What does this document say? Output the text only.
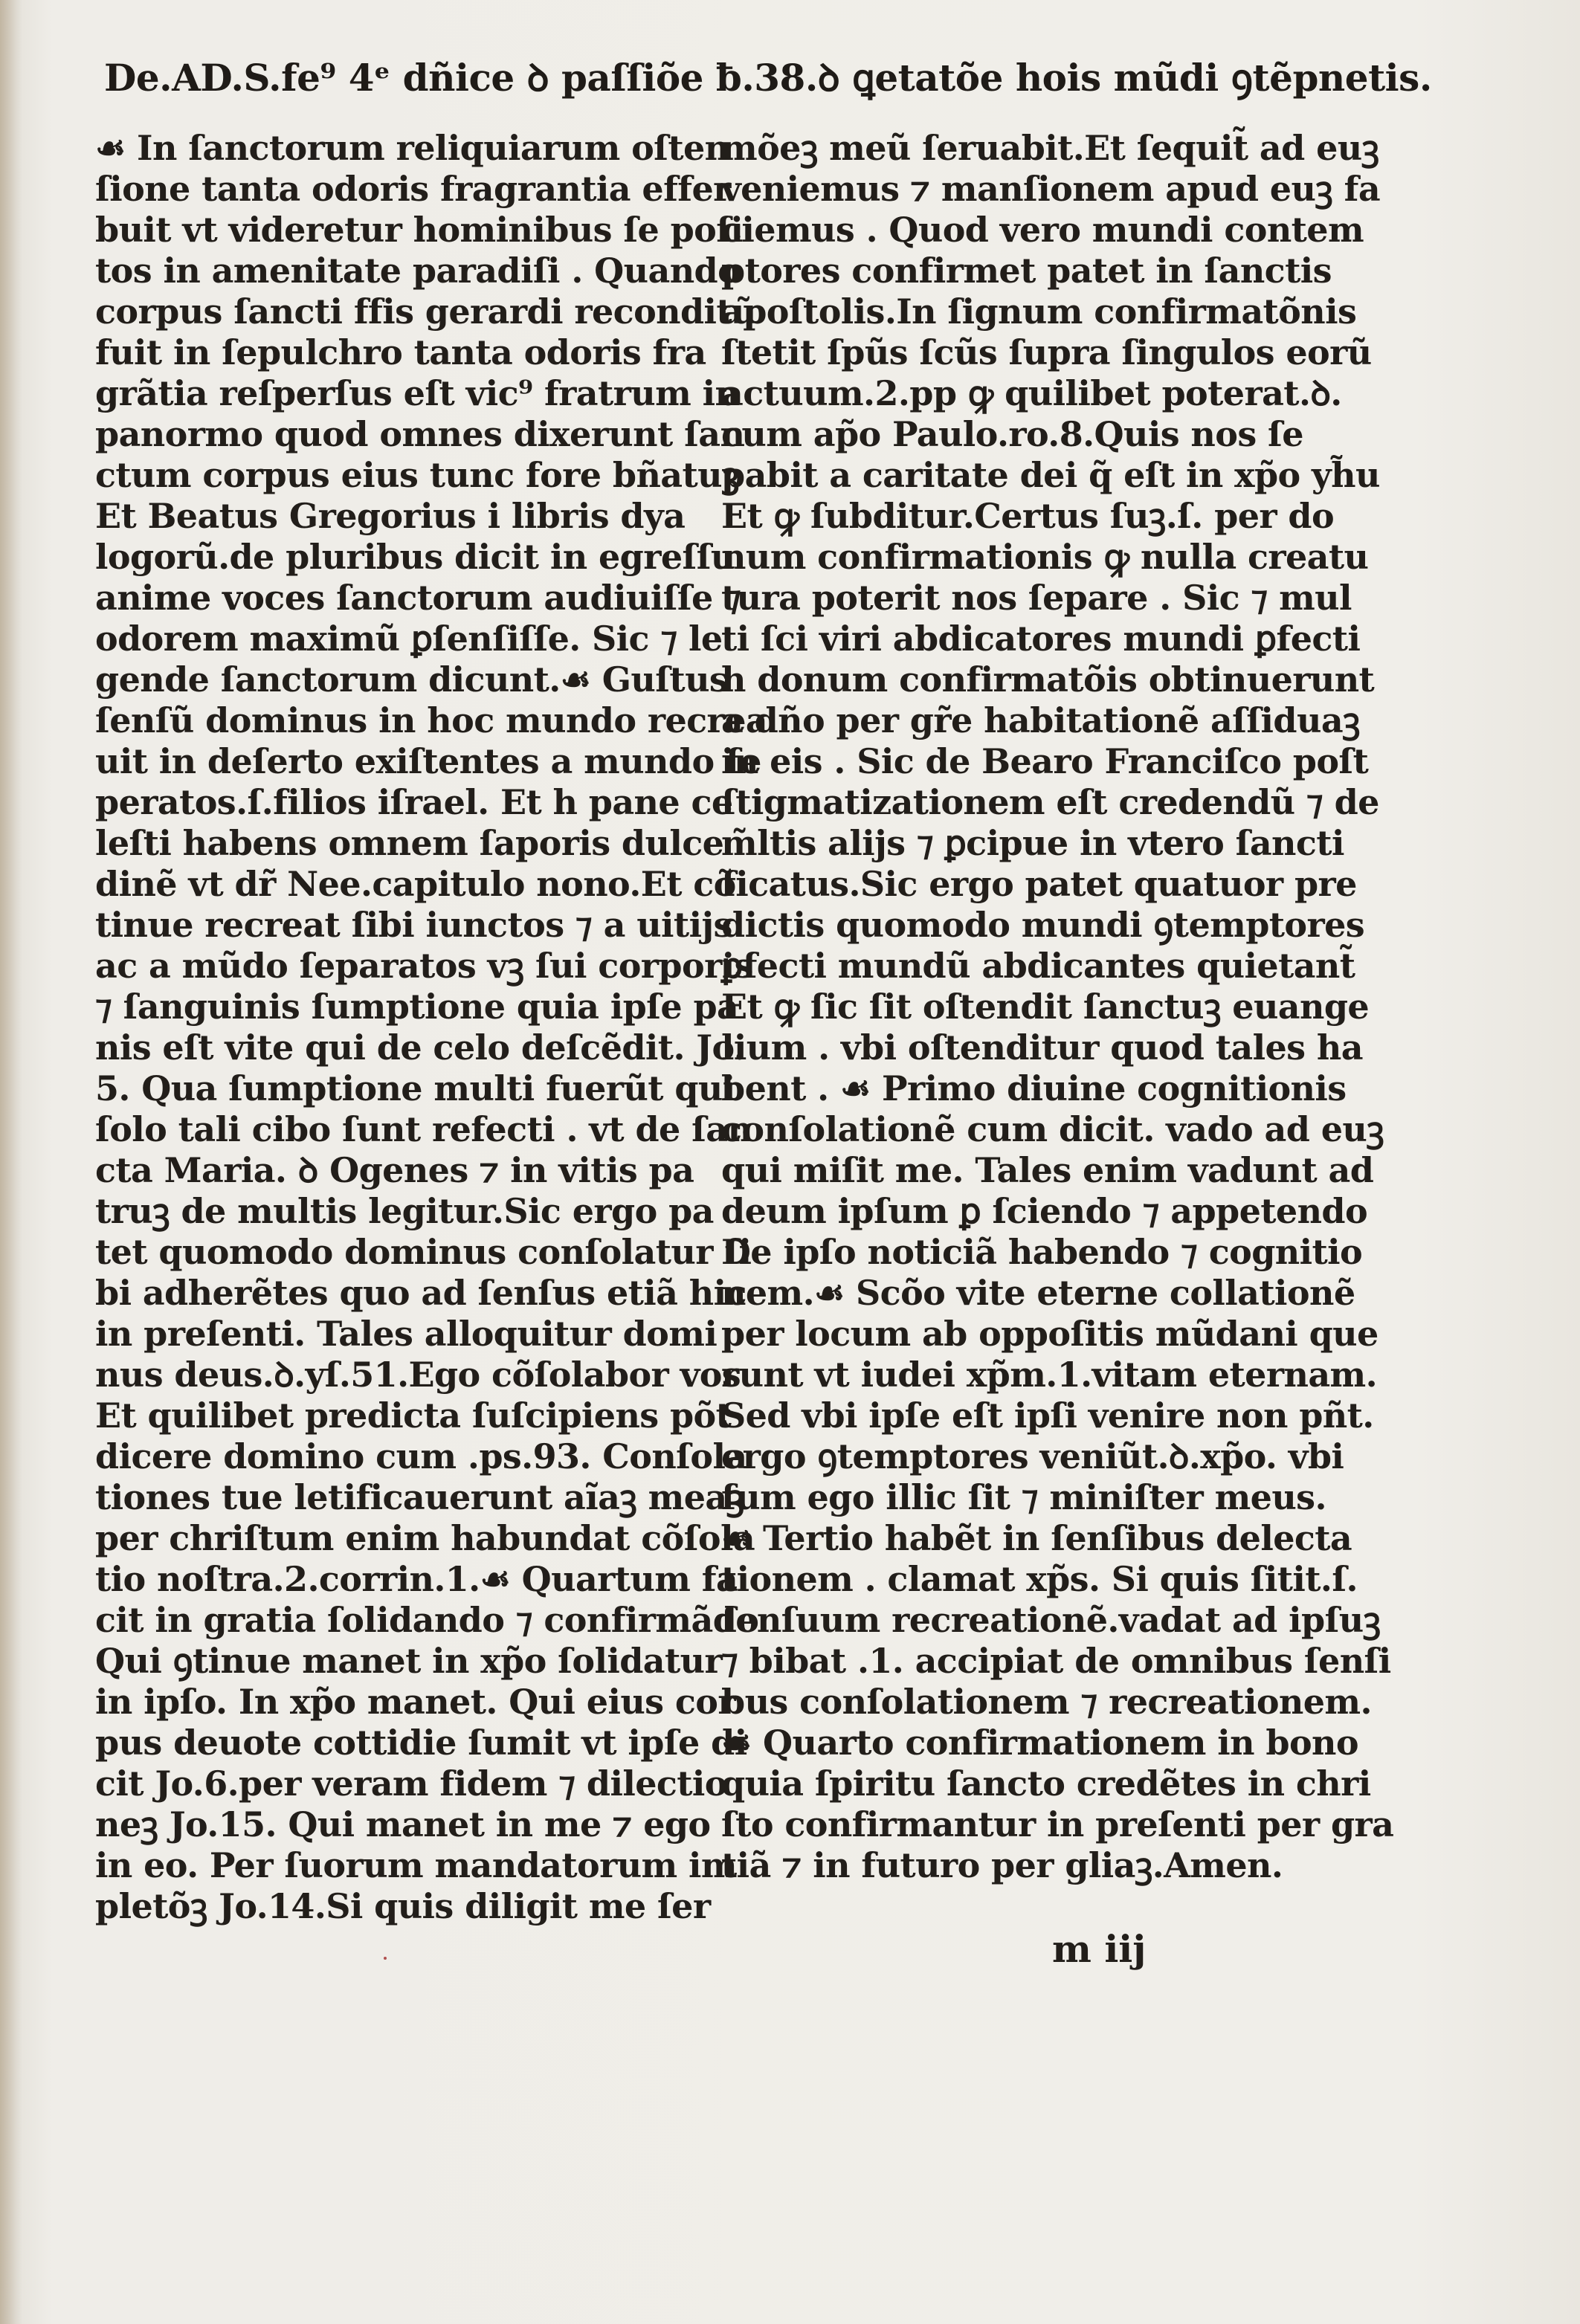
De.AD.S.fe⁹ 4ᵉ dñice ꝺ paſſiõe ƀ.38.ꝺ ꝗetatõe hois mũdi ꝯtẽpnetis.
☙ In ſanctorum reliquiarum oſten
ſione tanta odoris fragrantia effer
buit vt videretur hominibus ſe poſi
tos in amenitate paradiſi . Quando
corpus ſancti ffis gerardi reconditũ
fuit in ſepulchro tanta odoris fra
grãtia reſperſus eſt vic⁹ fratrum in
panormo quod omnes dixerunt ſan
ctum corpus eius tunc fore bñatuꝫ
Et Beatus Gregorius i libris dya
logorũ.de pluribus dicit in egreſſu
anime voces ſanctorum audiuiſſe ⁊
odorem maximũ ꝑſenſiſſe. Sic ⁊ le
gende ſanctorum dicunt.☙ Guſtus
ſenſũ dominus in hoc mundo recrea
uit in deſerto exiſtentes a mundo ſe
peratos.ſ.filios iſrael. Et h pane ce
leſti habens omnem ſaporis dulce
dinẽ vt dr̃ Nee.capitulo nono.Et cõ
tinue recreat ſibi iunctos ⁊ a uitijs
ac a mũdo ſeparatos vꝫ ſui corporis
⁊ ſanguinis ſumptione quia ipſe pa
nis eſt vite qui de celo deſcẽdit. Jo.
5. Qua ſumptione multi fuerũt qui
ſolo tali cibo ſunt refecti . vt de ſan
cta Maria. ꝺ Ogenes ⁊ in vitis pa
truꝫ de multis legitur.Sic ergo pa
tet quomodo dominus conſolatur ſi
bi adherẽtes quo ad ſenſus etiã hic
in preſenti. Tales alloquitur domi
nus deus.ꝺ.yſ.51.Ego cõſolabor vos
Et quilibet predicta ſuſcipiens põt
dicere domino cum .ps.93. Conſola
tiones tue letificauerunt aĩaꝫ meaꝫ
per chriſtum enim habundat cõſola
tio noſtra.2.corrin.1.☙ Quartum fa
cit in gratia ſolidando ⁊ confirmãdo
Qui ꝯtinue manet in xp̃o ſolidatur
in ipſo. In xp̃o manet. Qui eius cor
pus deuote cottidie ſumit vt ipſe di
cit Jo.6.per veram fidem ⁊ dilectio
neꝫ Jo.15. Qui manet in me ⁊ ego
in eo. Per ſuorum mandatorum im
pletõꝫ Jo.14.Si quis diligit me ſer
mõeꝫ meũ ſeruabit.Et ſequit̃ ad euꝫ
veniemus ⁊ manſionem apud euꝫ fa
ciemus . Quod vero mundi contem
ptores confirmet patet in ſanctis
apoſtolis.In ſignum confirmatõnis
ſtetit ſpũs ſcũs ſupra ſingulos eorũ
actuum.2.pp ꝙ quilibet poterat.ꝺ.
cum ap̃o Paulo.ro.8.Quis nos ſe
pabit a caritate dei q̃ eſt in xp̃o yh̃u
Et ꝙ ſubditur.Certus ſuꝫ.ſ. per do
num confirmationis ꝙ nulla creatu
tura poterit nos ſepare . Sic ⁊ mul
ti ſci viri abdicatores mundi ꝑfecti
h donum confirmatõis obtinuerunt
a dño per gr̃e habitationẽ aſſiduaꝫ
in eis . Sic de Bearo Franciſco poſt
ſtigmatizationem eſt credendũ ⁊ de
m̃ltis alijs ⁊ ꝑcipue in vtero ſancti
ficatus.Sic ergo patet quatuor pre
dictis quomodo mundi ꝯtemptores
ꝑfecti mundũ abdicantes quietant̃
Et ꝙ ſic ſit oſtendit ſanctuꝫ euange
lium . vbi oſtenditur quod tales ha
bent . ☙ Primo diuine cognitionis
conſolationẽ cum dicit. vado ad euꝫ
qui miſit me. Tales enim vadunt ad
deum ipſum ꝑ ſciendo ⁊ appetendo
De ipſo noticiã habendo ⁊ cognitio
nem.☙ Scõo vite eterne collationẽ
per locum ab oppoſitis mũdani que
runt vt iudei xp̃m.1.vitam eternam.
Sed vbi ipſe eſt ipſi venire non pñt.
ergo ꝯtemptores veniũt.ꝺ.xp̃o. vbi
ſum ego illic ſit ⁊ miniſter meus.
☙ Tertio habẽt in ſenſibus delecta
tionem . clamat xp̃s. Si quis ſitit.ſ.
ſenſuum recreationẽ.vadat ad ipſuꝫ
⁊ bibat .1. accipiat de omnibus ſenſi
bus conſolationem ⁊ recreationem.
☙ Quarto confirmationem in bono
quia ſpiritu ſancto credẽtes in chri
ſto confirmantur in preſenti per gra
tiã ⁊ in futuro per gliaꝫ.Amen.
m iij
